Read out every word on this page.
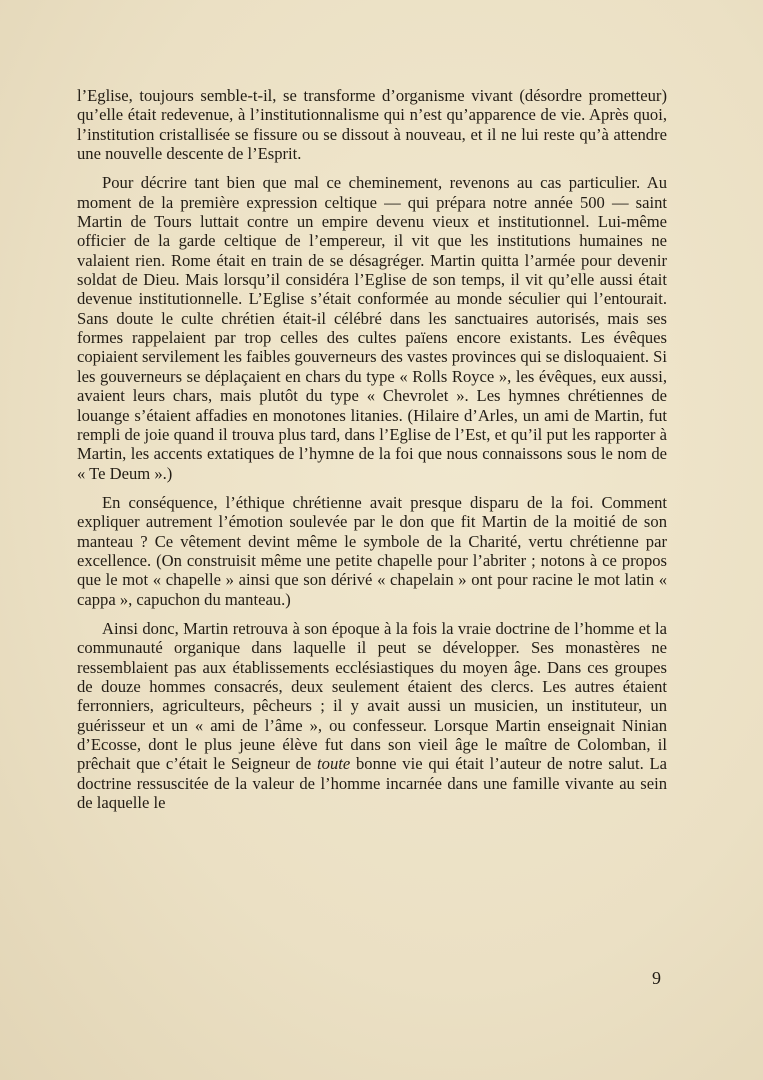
l’Eglise, toujours semble-t-il, se transforme d’organisme vivant (désordre prometteur) qu’elle était redevenue, à l’institutionnalisme qui n’est qu’apparence de vie. Après quoi, l’institution cristallisée se fissure ou se dissout à nouveau, et il ne lui reste qu’à attendre une nouvelle descente de l’Esprit.

Pour décrire tant bien que mal ce cheminement, revenons au cas particulier. Au moment de la première expression celtique — qui prépara notre année 500 — saint Martin de Tours luttait contre un empire devenu vieux et institutionnel. Lui-même officier de la garde celtique de l’empereur, il vit que les institutions humaines ne valaient rien. Rome était en train de se désagréger. Martin quitta l’armée pour devenir soldat de Dieu. Mais lorsqu’il considéra l’Eglise de son temps, il vit qu’elle aussi était devenue institutionnelle. L’Eglise s’était conformée au monde séculier qui l’entourait. Sans doute le culte chrétien était-il célébré dans les sanctuaires autorisés, mais ses formes rappelaient par trop celles des cultes païens encore existants. Les évêques copiaient servilement les faibles gouverneurs des vastes provinces qui se disloquaient. Si les gouverneurs se déplaçaient en chars du type « Rolls Royce », les évêques, eux aussi, avaient leurs chars, mais plutôt du type « Chevrolet ». Les hymnes chrétiennes de louange s’étaient affadies en monotones litanies. (Hilaire d’Arles, un ami de Martin, fut rempli de joie quand il trouva plus tard, dans l’Eglise de l’Est, et qu’il put les rapporter à Martin, les accents extatiques de l’hymne de la foi que nous connaissons sous le nom de « Te Deum ».)

En conséquence, l’éthique chrétienne avait presque disparu de la foi. Comment expliquer autrement l’émotion soulevée par le don que fit Martin de la moitié de son manteau ? Ce vêtement devint même le symbole de la Charité, vertu chrétienne par excellence. (On construisit même une petite chapelle pour l’abriter ; notons à ce propos que le mot « chapelle » ainsi que son dérivé « chapelain » ont pour racine le mot latin « cappa », capuchon du manteau.)

Ainsi donc, Martin retrouva à son époque à la fois la vraie doctrine de l’homme et la communauté organique dans laquelle il peut se développer. Ses monastères ne ressemblaient pas aux établissements ecclésiastiques du moyen âge. Dans ces groupes de douze hommes consacrés, deux seulement étaient des clercs. Les autres étaient ferronniers, agriculteurs, pêcheurs ; il y avait aussi un musicien, un instituteur, un guérisseur et un « ami de l’âme », ou confesseur. Lorsque Martin enseignait Ninian d’Ecosse, dont le plus jeune élève fut dans son vieil âge le maître de Colomban, il prêchait que c’était le Seigneur de toute bonne vie qui était l’auteur de notre salut. La doctrine ressuscitée de la valeur de l’homme incarnée dans une famille vivante au sein de laquelle le

9
